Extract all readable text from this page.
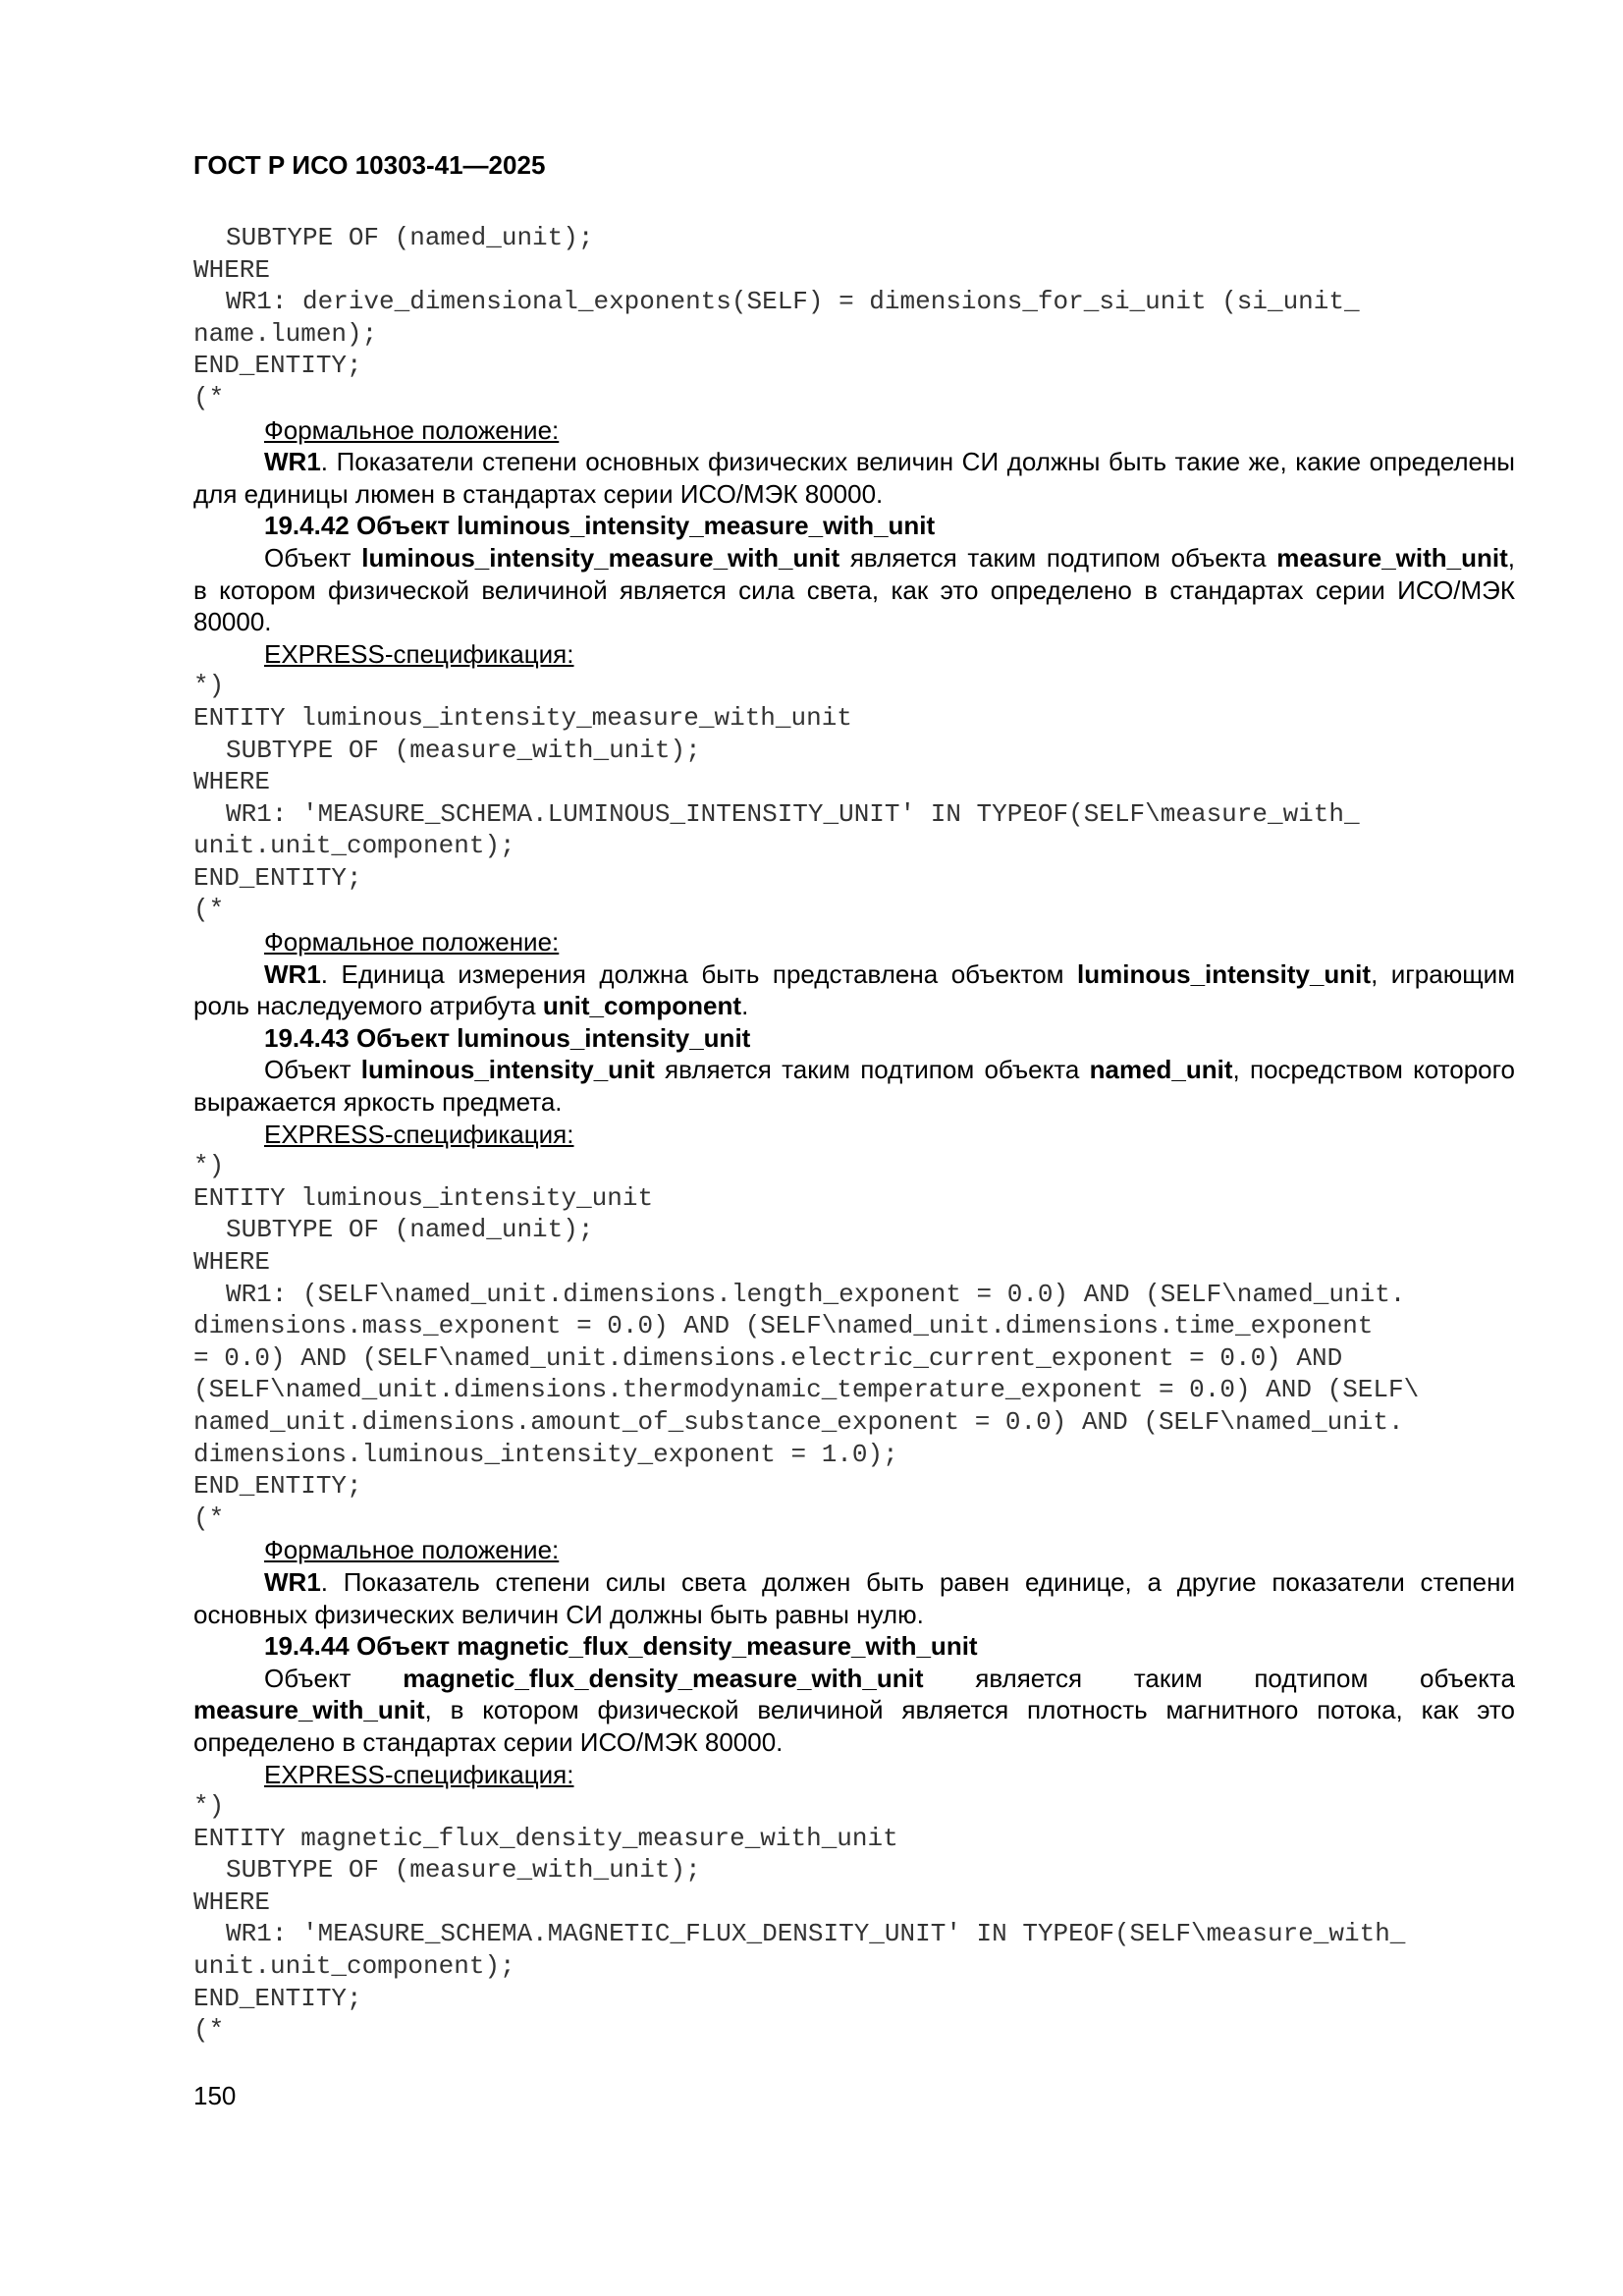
ГОСТ Р ИСО 10303-41—2025
SUBTYPE OF (named_unit);
WHERE
WR1: derive_dimensional_exponents(SELF) = dimensions_for_si_unit (si_unit_
name.lumen);
END_ENTITY;
(*

Формальное положение:

WR1. Показатели степени основных физических величин СИ должны быть такие же, какие определены для единицы люмен в стандартах серии ИСО/МЭК 80000.

19.4.42 Объект luminous_intensity_measure_with_unit

Объект luminous_intensity_measure_with_unit является таким подтипом объекта measure_with_unit, в котором физической величиной является сила света, как это определено в стандартах серии ИСО/МЭК 80000.

EXPRESS-спецификация:

*)
ENTITY luminous_intensity_measure_with_unit
SUBTYPE OF (measure_with_unit);
WHERE
WR1: 'MEASURE_SCHEMA.LUMINOUS_INTENSITY_UNIT' IN TYPEOF(SELF\measure_with_
unit.unit_component);
END_ENTITY;
(*

Формальное положение:

WR1. Единица измерения должна быть представлена объектом luminous_intensity_unit, играющим роль наследуемого атрибута unit_component.

19.4.43 Объект luminous_intensity_unit

Объект luminous_intensity_unit является таким подтипом объекта named_unit, посредством которого выражается яркость предмета.

EXPRESS-спецификация:

*)
ENTITY luminous_intensity_unit
SUBTYPE OF (named_unit);
WHERE
WR1: (SELF\named_unit.dimensions.length_exponent = 0.0) AND (SELF\named_unit.
dimensions.mass_exponent = 0.0) AND (SELF\named_unit.dimensions.time_exponent
= 0.0) AND (SELF\named_unit.dimensions.electric_current_exponent = 0.0) AND
(SELF\named_unit.dimensions.thermodynamic_temperature_exponent = 0.0) AND (SELF\
named_unit.dimensions.amount_of_substance_exponent = 0.0) AND (SELF\named_unit.
dimensions.luminous_intensity_exponent = 1.0);
END_ENTITY;
(*

Формальное положение:

WR1. Показатель степени силы света должен быть равен единице, а другие показатели степени основных физических величин СИ должны быть равны нулю.

19.4.44 Объект magnetic_flux_density_measure_with_unit

Объект magnetic_flux_density_measure_with_unit является таким подтипом объекта measure_with_unit, в котором физической величиной является плотность магнитного потока, как это определено в стандартах серии ИСО/МЭК 80000.

EXPRESS-спецификация:

*)
ENTITY magnetic_flux_density_measure_with_unit
SUBTYPE OF (measure_with_unit);
WHERE
WR1: 'MEASURE_SCHEMA.MAGNETIC_FLUX_DENSITY_UNIT' IN TYPEOF(SELF\measure_with_
unit.unit_component);
END_ENTITY;
(*
150
